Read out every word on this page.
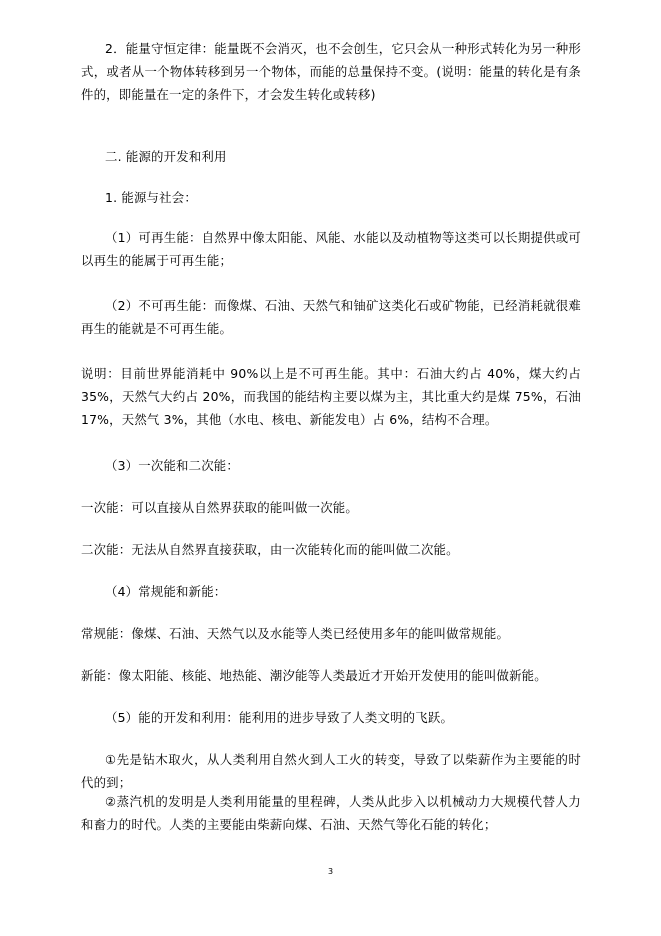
2．能量守恒定律：能量既不会消灭，也不会创生，它只会从一种形式转化为另一种形式，或者从一个物体转移到另一个物体，而能的总量保持不变。(说明：能量的转化是有条件的，即能量在一定的条件下，才会发生转化或转移)

二. 能源的开发和利用

1. 能源与社会：

（1）可再生能：自然界中像太阳能、风能、水能以及动植物等这类可以长期提供或可以再生的能属于可再生能；

（2）不可再生能：而像煤、石油、天然气和铀矿这类化石或矿物能，已经消耗就很难再生的能就是不可再生能。

说明：目前世界能消耗中 90%以上是不可再生能。其中：石油大约占 40%，煤大约占 35%，天然气大约占 20%，而我国的能结构主要以煤为主，其比重大约是煤 75%，石油 17%，天然气 3%，其他（水电、核电、新能发电）占 6%，结构不合理。

（3）一次能和二次能：

一次能：可以直接从自然界获取的能叫做一次能。

二次能：无法从自然界直接获取，由一次能转化而的能叫做二次能。

（4）常规能和新能：

常规能：像煤、石油、天然气以及水能等人类已经使用多年的能叫做常规能。

新能：像太阳能、核能、地热能、潮汐能等人类最近才开始开发使用的能叫做新能。

（5）能的开发和利用：能利用的进步导致了人类文明的飞跃。

①先是钻木取火，从人类利用自然火到人工火的转变，导致了以柴薪作为主要能的时代的到；

②蒸汽机的发明是人类利用能量的里程碑，人类从此步入以机械动力大规模代替人力和畜力的时代。人类的主要能由柴薪向煤、石油、天然气等化石能的转化；

3
